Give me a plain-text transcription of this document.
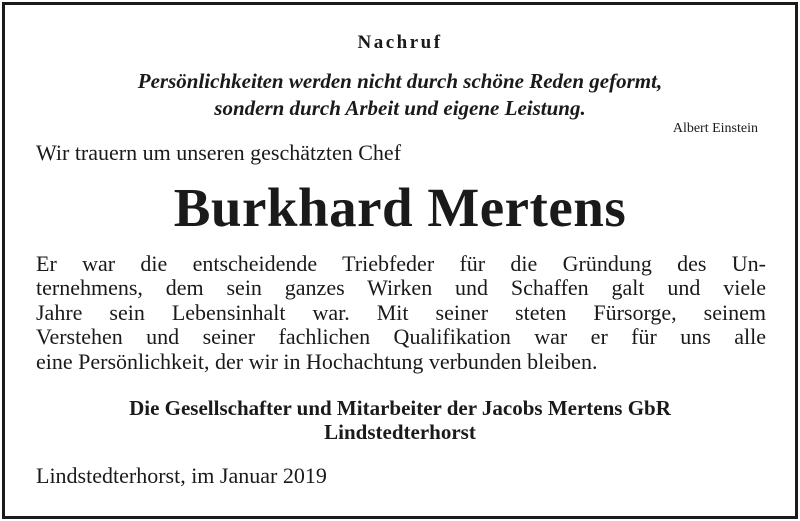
Nachruf
Persönlichkeiten werden nicht durch schöne Reden geformt,
sondern durch Arbeit und eigene Leistung.
Albert Einstein
Wir trauern um unseren geschätzten Chef
Burkhard Mertens
Er war die entscheidende Triebfeder für die Gründung des Un-
ternehmens, dem sein ganzes Wirken und Schaffen galt und viele
Jahre sein Lebensinhalt war. Mit seiner steten Fürsorge, seinem
Verstehen und seiner fachlichen Qualifikation war er für uns alle
eine Persönlichkeit, der wir in Hochachtung verbunden bleiben.
Die Gesellschafter und Mitarbeiter der Jacobs Mertens GbR
Lindstedterhorst
Lindstedterhorst, im Januar 2019
